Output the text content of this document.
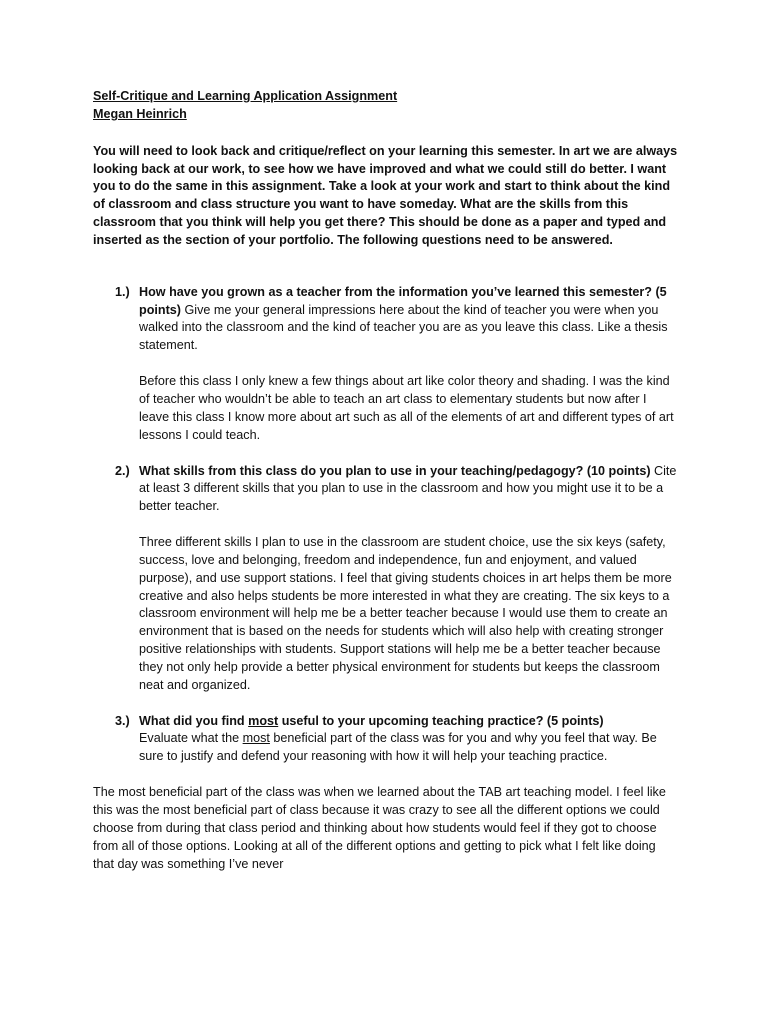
Self-Critique and Learning Application Assignment
Megan Heinrich
You will need to look back and critique/reflect on your learning this semester. In art we are always looking back at our work, to see how we have improved and what we could still do better. I want you to do the same in this assignment. Take a look at your work and start to think about the kind of classroom and class structure you want to have someday. What are the skills from this classroom that you think will help you get there? This should be done as a paper and typed and inserted as the section of your portfolio. The following questions need to be answered.
1.) How have you grown as a teacher from the information you’ve learned this semester? (5 points) Give me your general impressions here about the kind of teacher you were when you walked into the classroom and the kind of teacher you are as you leave this class. Like a thesis statement.
Before this class I only knew a few things about art like color theory and shading. I was the kind of teacher who wouldn’t be able to teach an art class to elementary students but now after I leave this class I know more about art such as all of the elements of art and different types of art lessons I could teach.
2.) What skills from this class do you plan to use in your teaching/pedagogy? (10 points) Cite at least 3 different skills that you plan to use in the classroom and how you might use it to be a better teacher.
Three different skills I plan to use in the classroom are student choice, use the six keys (safety, success, love and belonging, freedom and independence, fun and enjoyment, and valued purpose), and use support stations. I feel that giving students choices in art helps them be more creative and also helps students be more interested in what they are creating. The six keys to a classroom environment will help me be a better teacher because I would use them to create an environment that is based on the needs for students which will also help with creating stronger positive relationships with students. Support stations will help me be a better teacher because they not only help provide a better physical environment for students but keeps the classroom neat and organized.
3.) What did you find most useful to your upcoming teaching practice? (5 points)
Evaluate what the most beneficial part of the class was for you and why you feel that way. Be sure to justify and defend your reasoning with how it will help your teaching practice.
The most beneficial part of the class was when we learned about the TAB art teaching model. I feel like this was the most beneficial part of class because it was crazy to see all the different options we could choose from during that class period and thinking about how students would feel if they got to choose from all of those options. Looking at all of the different options and getting to pick what I felt like doing that day was something I’ve never
